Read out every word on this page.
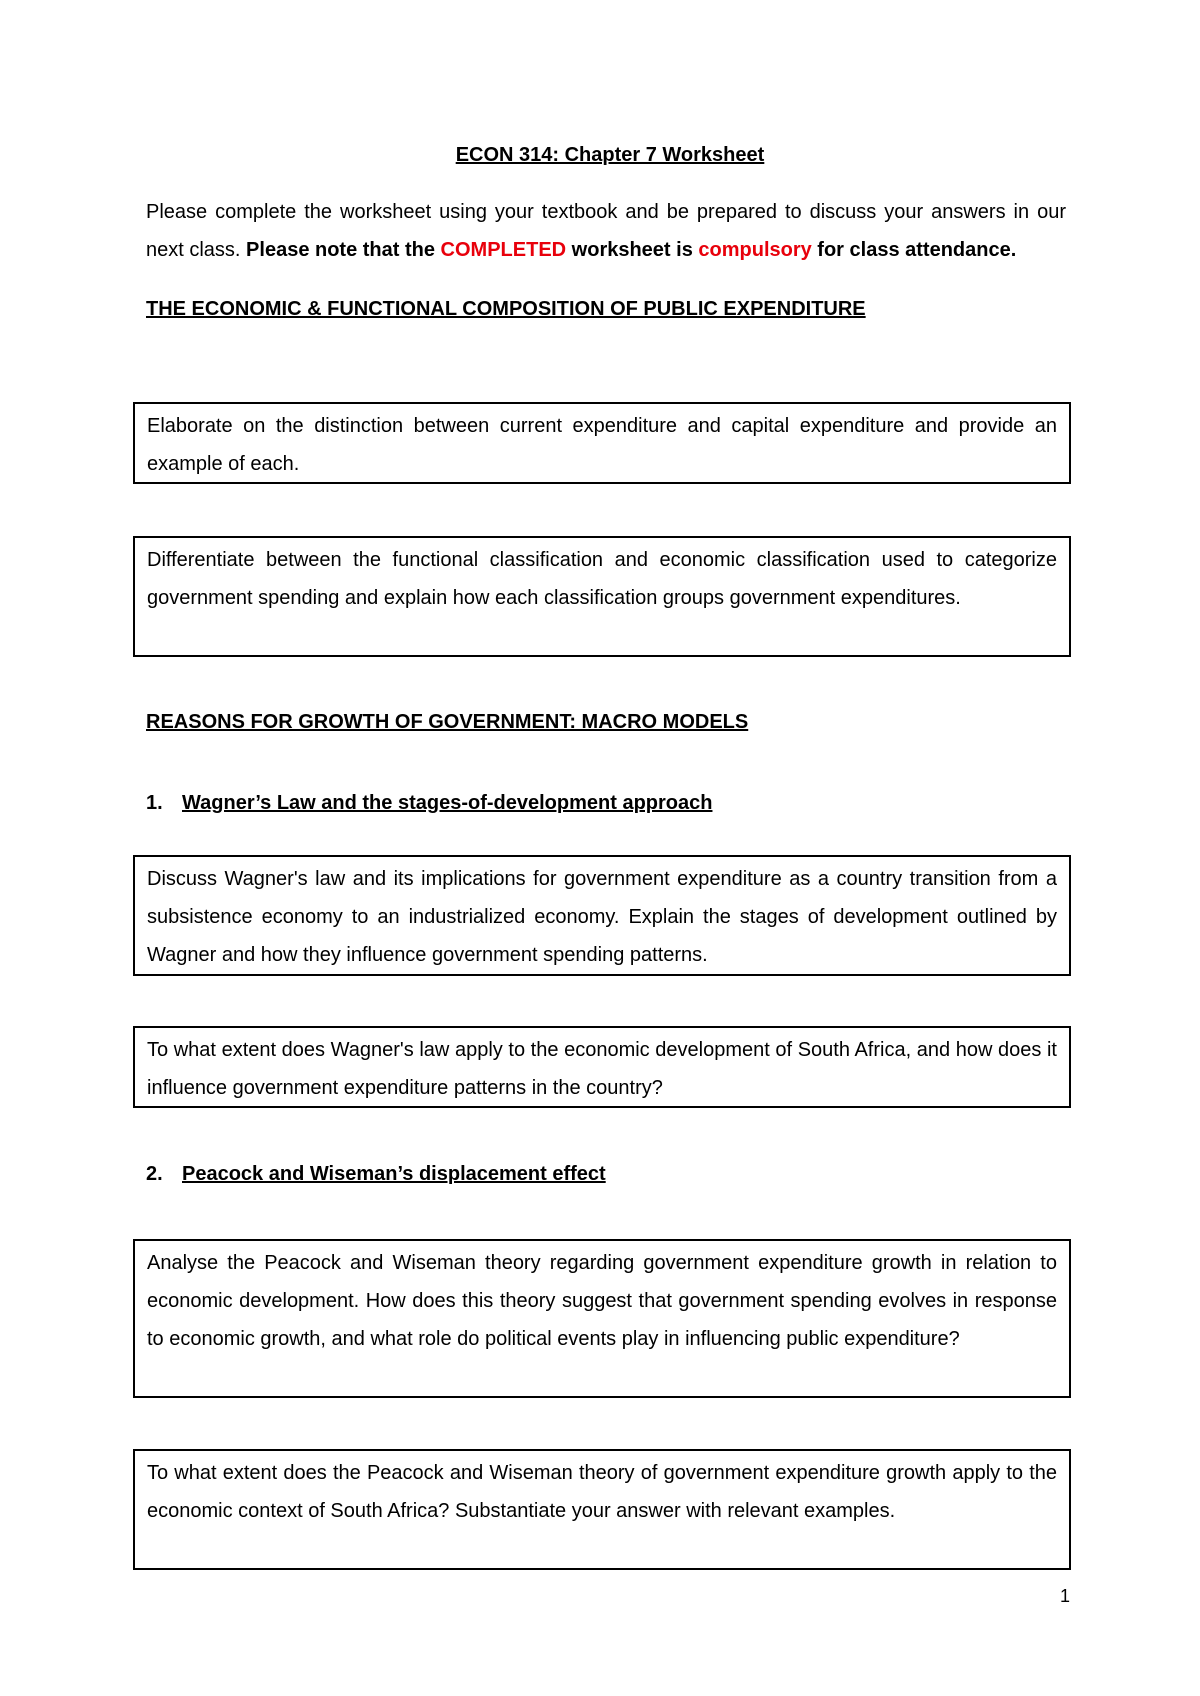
ECON 314: Chapter 7 Worksheet
Please complete the worksheet using your textbook and be prepared to discuss your answers in our next class. Please note that the COMPLETED worksheet is compulsory for class attendance.
THE ECONOMIC & FUNCTIONAL COMPOSITION OF PUBLIC EXPENDITURE
Elaborate on the distinction between current expenditure and capital expenditure and provide an example of each.
Differentiate between the functional classification and economic classification used to categorize government spending and explain how each classification groups government expenditures.
REASONS FOR GROWTH OF GOVERNMENT: MACRO MODELS
1. Wagner’s Law and the stages-of-development approach
Discuss Wagner's law and its implications for government expenditure as a country transition from a subsistence economy to an industrialized economy. Explain the stages of development outlined by Wagner and how they influence government spending patterns.
To what extent does Wagner's law apply to the economic development of South Africa, and how does it influence government expenditure patterns in the country?
2. Peacock and Wiseman’s displacement effect
Analyse the Peacock and Wiseman theory regarding government expenditure growth in relation to economic development. How does this theory suggest that government spending evolves in response to economic growth, and what role do political events play in influencing public expenditure?
To what extent does the Peacock and Wiseman theory of government expenditure growth apply to the economic context of South Africa? Substantiate your answer with relevant examples.
1
